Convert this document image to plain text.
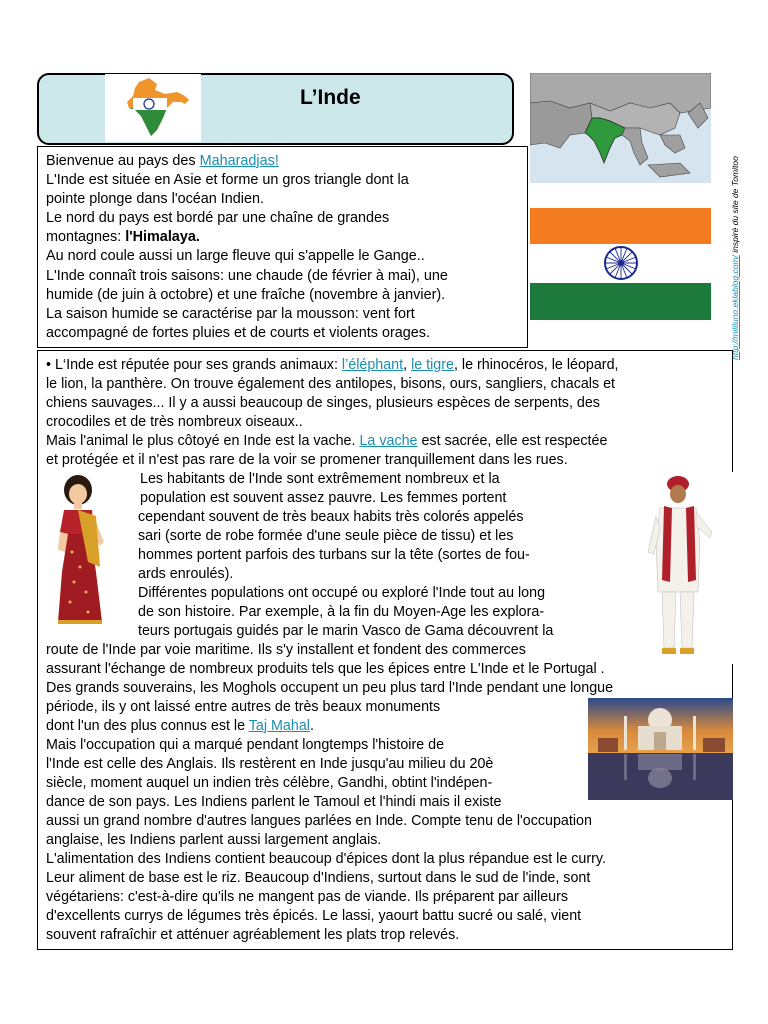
L’Inde
http://mililuno.eklablog.com/ inspiré du site de Tomitoo
Bienvenue au pays des Maharadjas!
L'Inde est située en Asie et forme un gros triangle dont la
pointe plonge dans l'océan Indien.
Le nord du pays est bordé par une chaîne de grandes
montagnes: l'Himalaya.
Au nord coule aussi un large fleuve qui s'appelle le Gange..
L'Inde connaît trois saisons: une chaude (de février à mai), une
humide (de juin à octobre) et une fraîche (novembre à janvier).
La saison humide se caractérise par la mousson: vent fort
accompagné de fortes pluies et de courts et violents orages.
• L‘Inde est réputée pour ses grands animaux: l’éléphant, le tigre, le rhinocéros, le léopard,
le lion, la panthère. On trouve également des antilopes, bisons, ours, sangliers, chacals et
chiens sauvages... Il y a aussi beaucoup de singes, plusieurs espèces de serpents, des
crocodiles et de très nombreux oiseaux..
Mais l'animal le plus côtoyé en Inde est la vache. La vache est sacrée, elle est respectée
et protégée et il n'est pas rare de la voir se promener tranquillement dans les rues.
Les habitants de l'Inde sont extrêmement nombreux et la
population est souvent assez pauvre. Les femmes portent
cependant souvent de très beaux habits très colorés appelés
sari (sorte de robe formée d'une seule pièce de tissu) et les
hommes portent parfois des turbans sur la tête (sortes de fou-
ards enroulés).
Différentes populations ont occupé ou exploré l'Inde tout au long
de son histoire. Par exemple, à la fin du Moyen-Age les explora-
teurs portugais guidés par le marin Vasco de Gama découvrent la
route de l'Inde par voie maritime. Ils s'y installent et fondent des commerces
assurant l'échange de nombreux produits tels que les épices entre L'Inde et le Portugal .
Des grands souverains, les Moghols occupent un peu plus tard l'Inde pendant une longue
période, ils y ont laissé entre autres de très beaux monuments
dont l'un des plus connus est le Taj Mahal.
Mais l'occupation qui a marqué pendant longtemps l'histoire de
l'Inde est celle des Anglais. Ils restèrent en Inde jusqu'au milieu du 20è
siècle, moment auquel un indien très célèbre, Gandhi, obtint l'indépen-
dance de son pays. Les Indiens parlent le Tamoul et l'hindi mais il existe
aussi un grand nombre d'autres langues parlées en Inde. Compte tenu de l'occupation
anglaise, les Indiens parlent aussi largement anglais.
L'alimentation des Indiens contient beaucoup d'épices dont la plus répandue est le curry.
Leur aliment de base est le riz. Beaucoup d'Indiens, surtout dans le sud de l'inde, sont
végétariens: c'est-à-dire qu'ils ne mangent pas de viande. Ils préparent par ailleurs
d'excellents currys de légumes très épicés. Le lassi, yaourt battu sucré ou salé, vient
souvent rafraîchir et atténuer agréablement les plats trop relevés.
